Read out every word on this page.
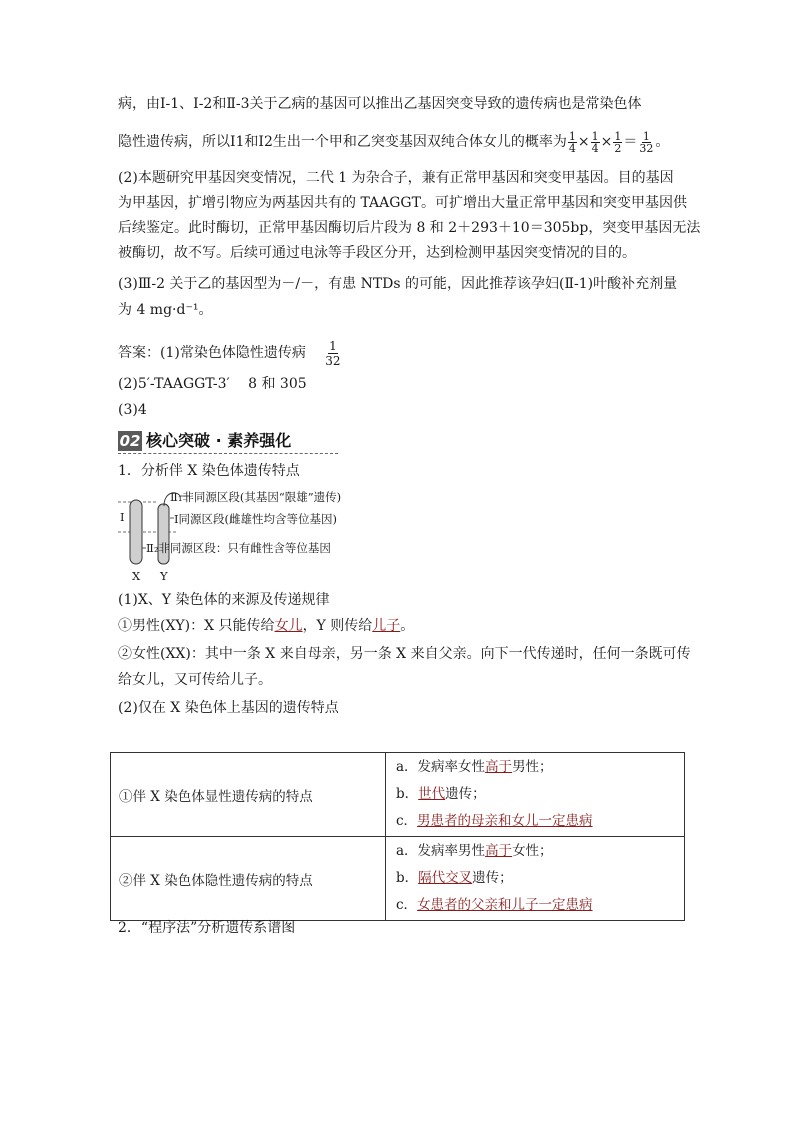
病，由Ⅰ-1、Ⅰ-2和Ⅱ-3关于乙病的基因可以推出乙基因突变导致的遗传病也是常染色体
隐性遗传病，所以Ⅰ1和Ⅰ2生出一个甲和乙突变基因双纯合体女儿的概率为 $\frac{1}{4} \times \frac{1}{4} \times \frac{1}{2} = \frac{1}{32}$ 。
(2)本题研究甲基因突变情况，二代 1 为杂合子，兼有正常甲基因和突变甲基因。目的基因
为甲基因，扩增引物应为两基因共有的 TAAGGT。可扩增出大量正常甲基因和突变甲基因供
后续鉴定。此时酶切，正常甲基因酶切后片段为 8 和 2＋293＋10＝305bp，突变甲基因无法
被酶切，故不写。后续可通过电泳等手段区分开，达到检测甲基因突变情况的目的。
(3)Ⅲ-2 关于乙的基因型为－/－，有患 NTDs 的可能，因此推荐该孕妇(Ⅱ-1)叶酸补充剂量
为 4 mg·d⁻¹。
答案：(1)常染色体隐性遗传病 $\frac{1}{32}$
(2)5′-TAAGGT-3′　 8 和 305
(3)4
02 核心突破 · 素养强化
1．分析伴 X 染色体遗传特点
Ⅰ
Ⅱ₁非同源区段(其基因“限雄”遗传)
Ⅰ同源区段(雌雄性均含等位基因)
Ⅱ₂非同源区段：只有雌性含等位基因
X Y
(1)X、Y 染色体的来源及传递规律
①男性(XY)：X 只能传给女儿，Y 则传给儿子。
②女性(XX)：其中一条 X 来自母亲，另一条 X 来自父亲。向下一代传递时，任何一条既可传
给女儿，又可传给儿子。
(2)仅在 X 染色体上基因的遗传特点
①伴 X 染色体显性遗传病的特点	a．发病率女性高于男性；
b．世代遗传；
c．男患者的母亲和女儿一定患病

②伴 X 染色体隐性遗传病的特点	a．发病率男性高于女性；
b．隔代交叉遗传；
c．女患者的父亲和儿子一定患病
2．“程序法”分析遗传系谱图
